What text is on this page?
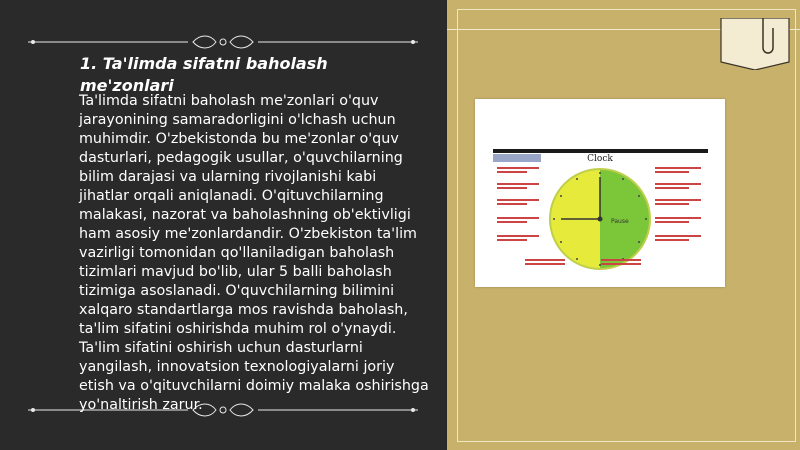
1. Ta'limda sifatni baholash me'zonlari

Ta'limda sifatni baholash me'zonlari o'quv jarayonining samaradorligini o'lchash uchun muhimdir. O'zbekistonda bu me'zonlar o'quv dasturlari, pedagogik usullar, o'quvchilarning bilim darajasi va ularning rivojlanishi kabi jihatlar orqali aniqlanadi. O'qituvchilarning malakasi, nazorat va baholashning ob'ektivligi ham asosiy me'zonlardandir. O'zbekiston ta'lim vazirligi tomonidan qo'llaniladigan baholash tizimlari mavjud bo'lib, ular 5 balli baholash tizimiga asoslanadi. O'quvchilarning bilimini xalqaro standartlarga mos ravishda baholash, ta'lim sifatini oshirishda muhim rol o'ynaydi. Ta'lim sifatini oshirish uchun dasturlarni yangilash, innovatsion texnologiyalarni joriy etish va o'qituvchilarni doimiy malaka oshirishga yo'naltirish zarur.

Clock
Pause
